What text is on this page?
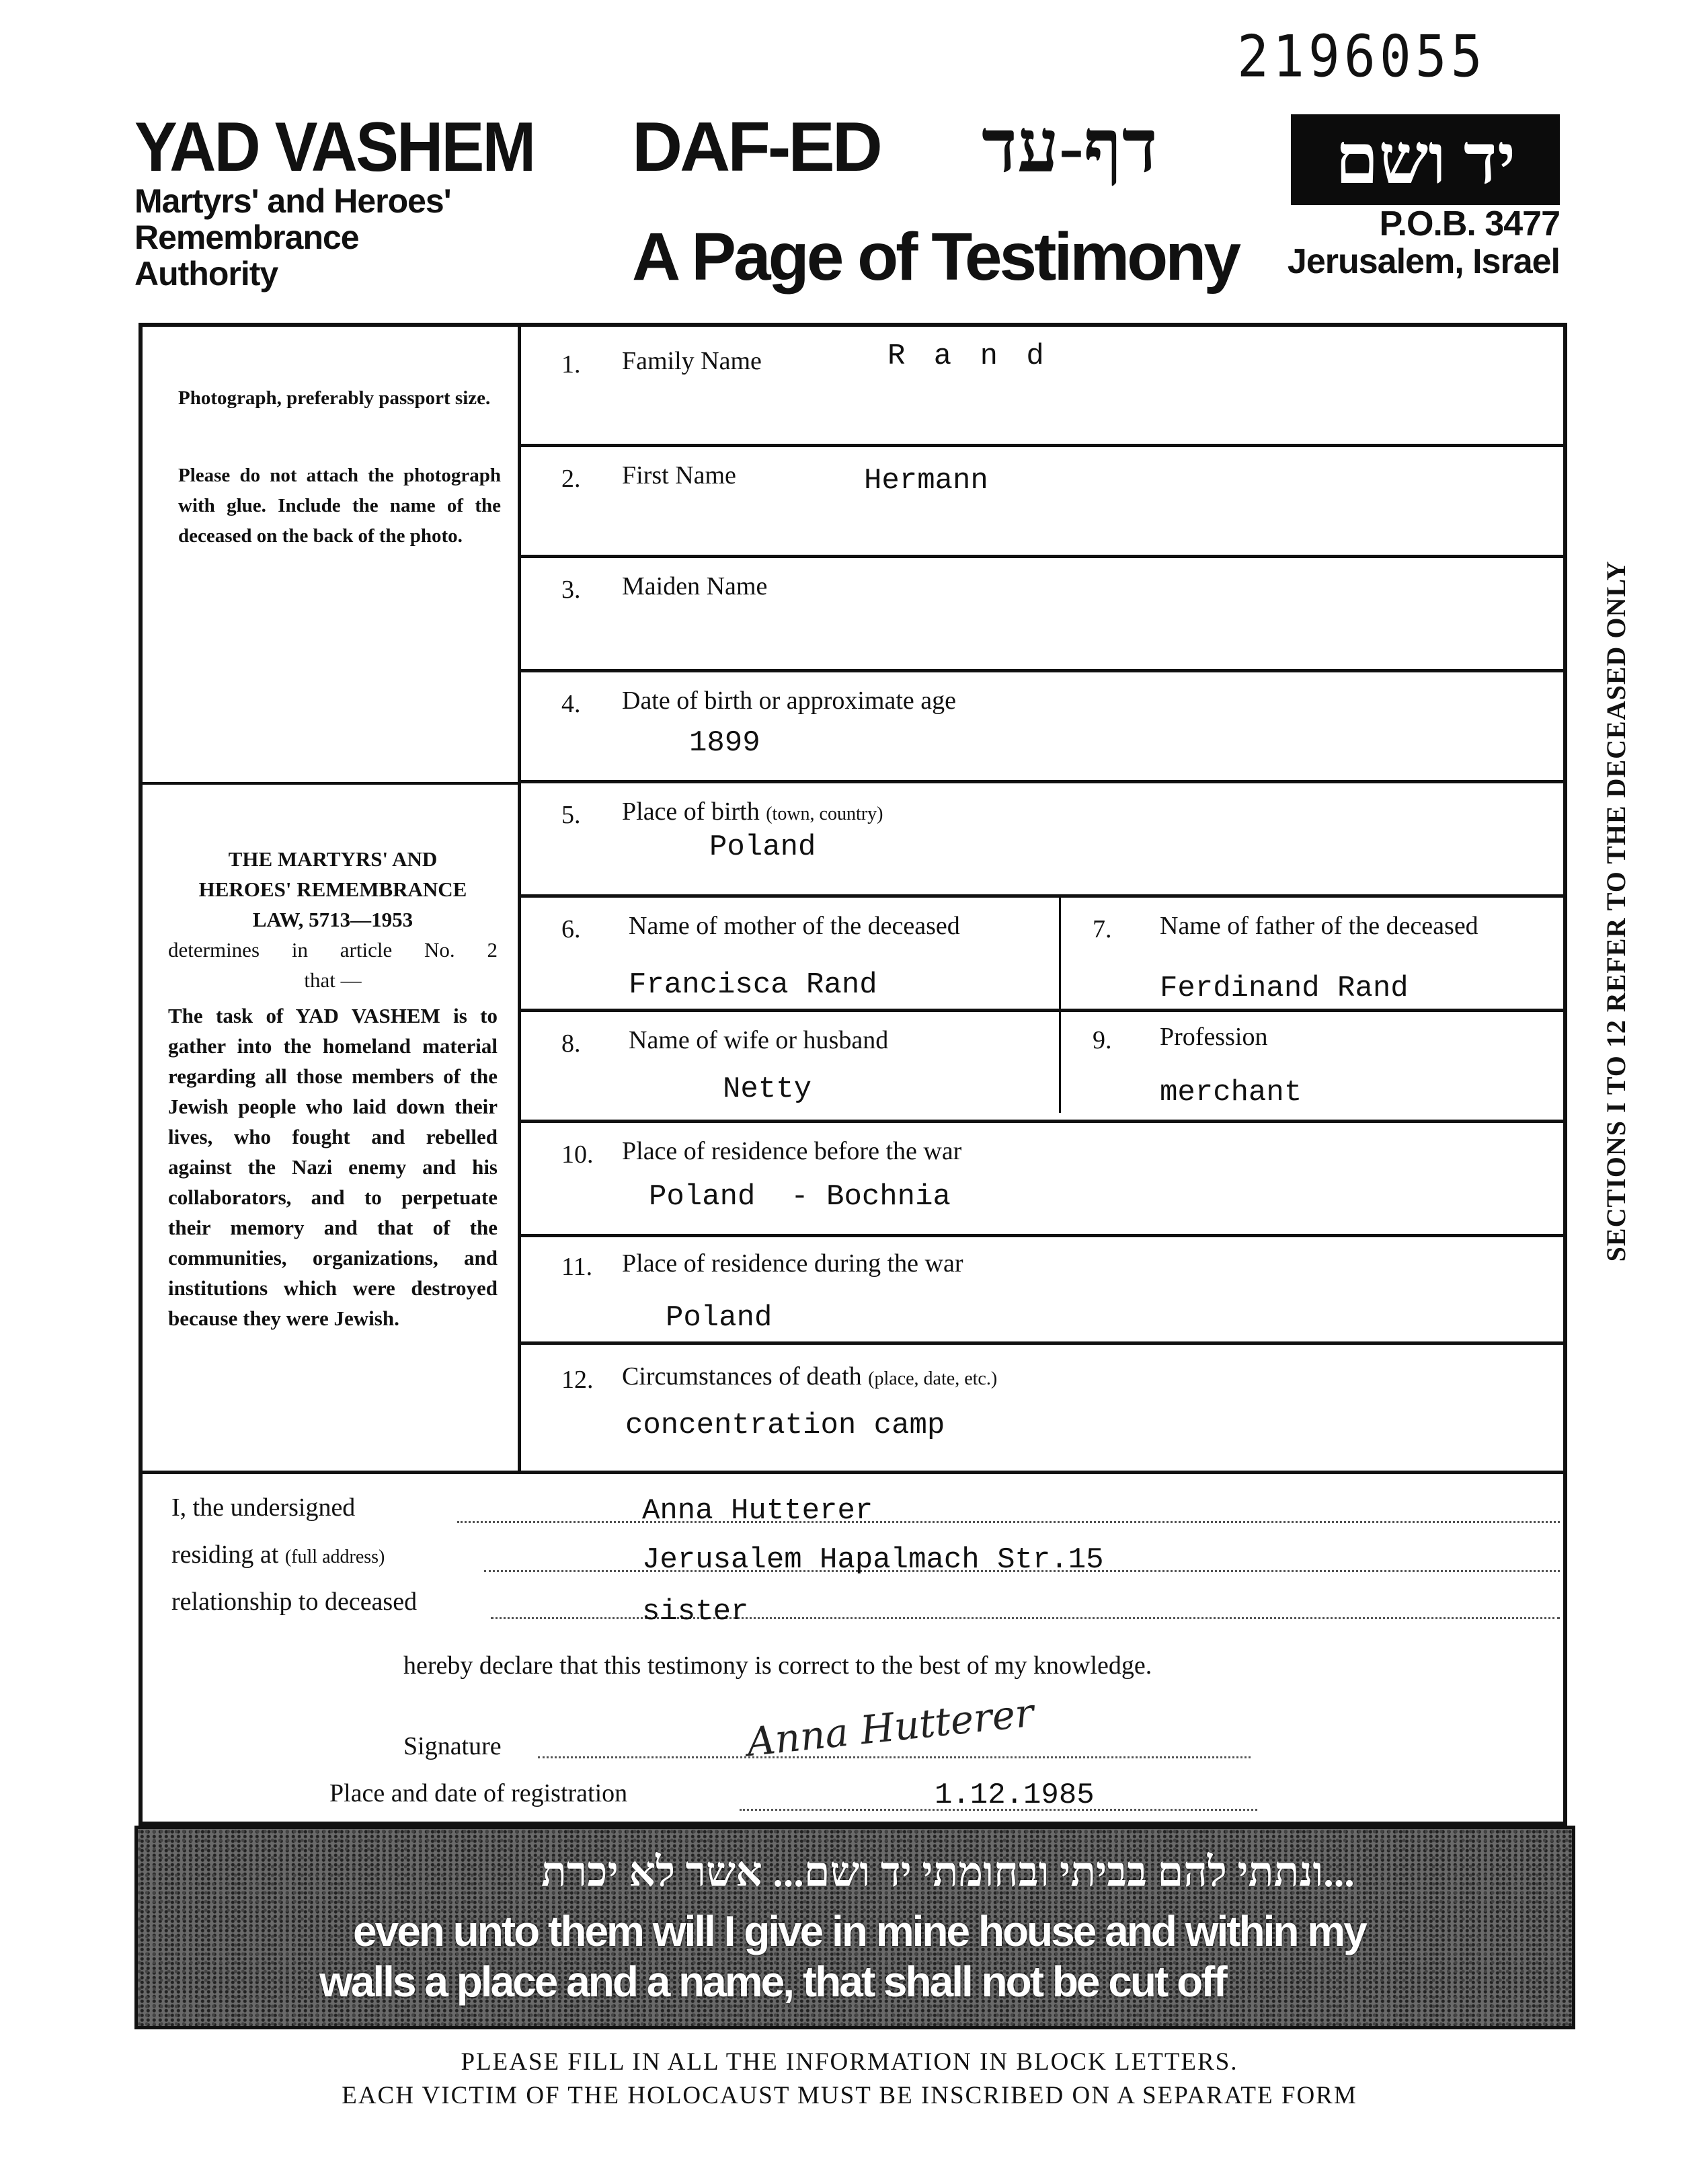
2196055
YAD VASHEM
Martyrs' and Heroes'
Remembrance
Authority
DAF-ED דף-עד	יד ושם
A Page of Testimony	P.O.B. 3477
Jerusalem, Israel
Photograph, preferably passport size.
Please do not attach the photograph with glue. Include the name of the deceased on the back of the photo.
THE MARTYRS' AND
HEROES' REMEMBRANCE
LAW, 5713—1953
determines in article No. 2
that —
The task of YAD VASHEM is to gather into the homeland material regarding all those members of the Jewish people who laid down their lives, who fought and rebelled against the Nazi enemy and his collaborators, and to perpetuate their memory and that of the communities, organizations, and institutions which were destroyed because they were Jewish.
1. Family Name	R a n d
2. First Name	Hermann
3. Maiden Name
4. Date of birth or approximate age
1899
5. Place of birth (town, country)
Poland
6. Name of mother of the deceased
Francisca Rand
7. Name of father of the deceased
Ferdinand Rand
8. Name of wife or husband
Netty
9. Profession
merchant
10. Place of residence before the war
Poland  - Bochnia
11. Place of residence during the war
Poland
12. Circumstances of death (place, date, etc.)
concentration camp
SECTIONS I TO 12 REFER TO THE DECEASED ONLY
I, the undersigned	Anna Hutterer
residing at (full address)	Jerusalem Hapalmach Str.15
relationship to deceased	sister
hereby declare that this testimony is correct to the best of my knowledge.
Signature	Anna Hutterer
Place and date of registration	1.12.1985
...ונתתי להם בביתי ובחומתי יד ושם... אשר לא יכרת
even unto them will I give in mine house and within my
walls a place and a name, that shall not be cut off
PLEASE FILL IN ALL THE INFORMATION IN BLOCK LETTERS.
EACH VICTIM OF THE HOLOCAUST MUST BE INSCRIBED ON A SEPARATE FORM
